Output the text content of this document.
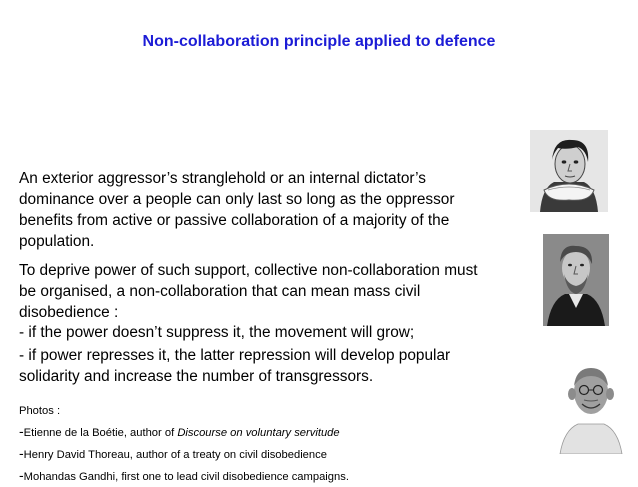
Non-collaboration principle applied to defence
An exterior aggressor’s stranglehold or an internal dictator’s dominance over a people can only last so long as the oppressor benefits from active or passive collaboration of a majority of the population.
To deprive power of such support, collective non-collaboration must be organised, a non-collaboration that can mean mass civil disobedience :
- if the power doesn’t suppress it, the movement will grow;
- if power represses it, the latter repression will develop popular solidarity and increase the number of transgressors.
Photos :
-Etienne de la Boétie, author of Discourse on voluntary servitude
-Henry David Thoreau, author of a treaty on civil disobedience
-Mohandas Gandhi, first one to lead civil disobedience campaigns.
